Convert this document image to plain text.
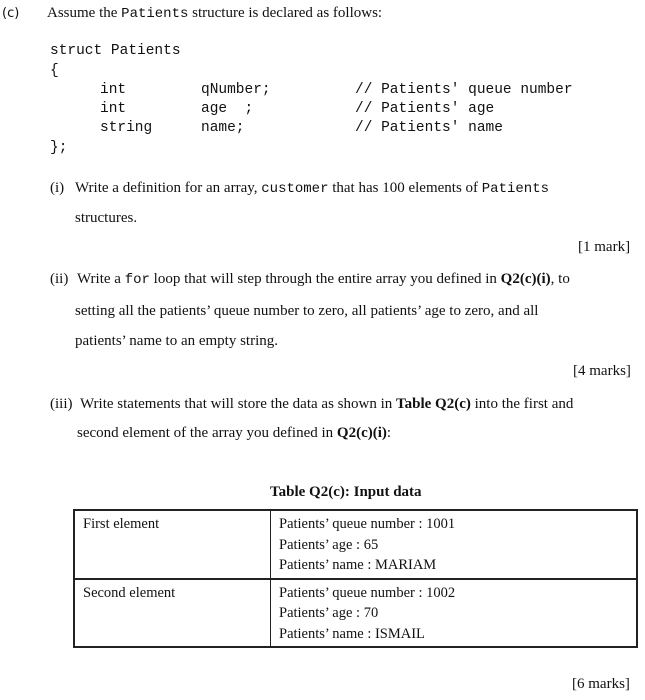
(c) Assume the Patients structure is declared as follows:
struct Patients
{
int	qNumber;	// Patients' queue number
int	age  ;	// Patients' age
string	name;	// Patients' name
};
(i) Write a definition for an array, customer that has 100 elements of Patients
structures.
[1 mark]
(ii) Write a for loop that will step through the entire array you defined in Q2(c)(i), to
setting all the patients’ queue number to zero, all patients’ age to zero, and all
patients’ name to an empty string.
[4 marks]
(iii) Write statements that will store the data as shown in Table Q2(c) into the first and
second element of the array you defined in Q2(c)(i):
Table Q2(c): Input data
First element	Patients’ queue number : 1001
Patients’ age : 65
Patients’ name : MARIAM

Second element	Patients’ queue number : 1002
Patients’ age : 70
Patients’ name : ISMAIL
[6 marks]
